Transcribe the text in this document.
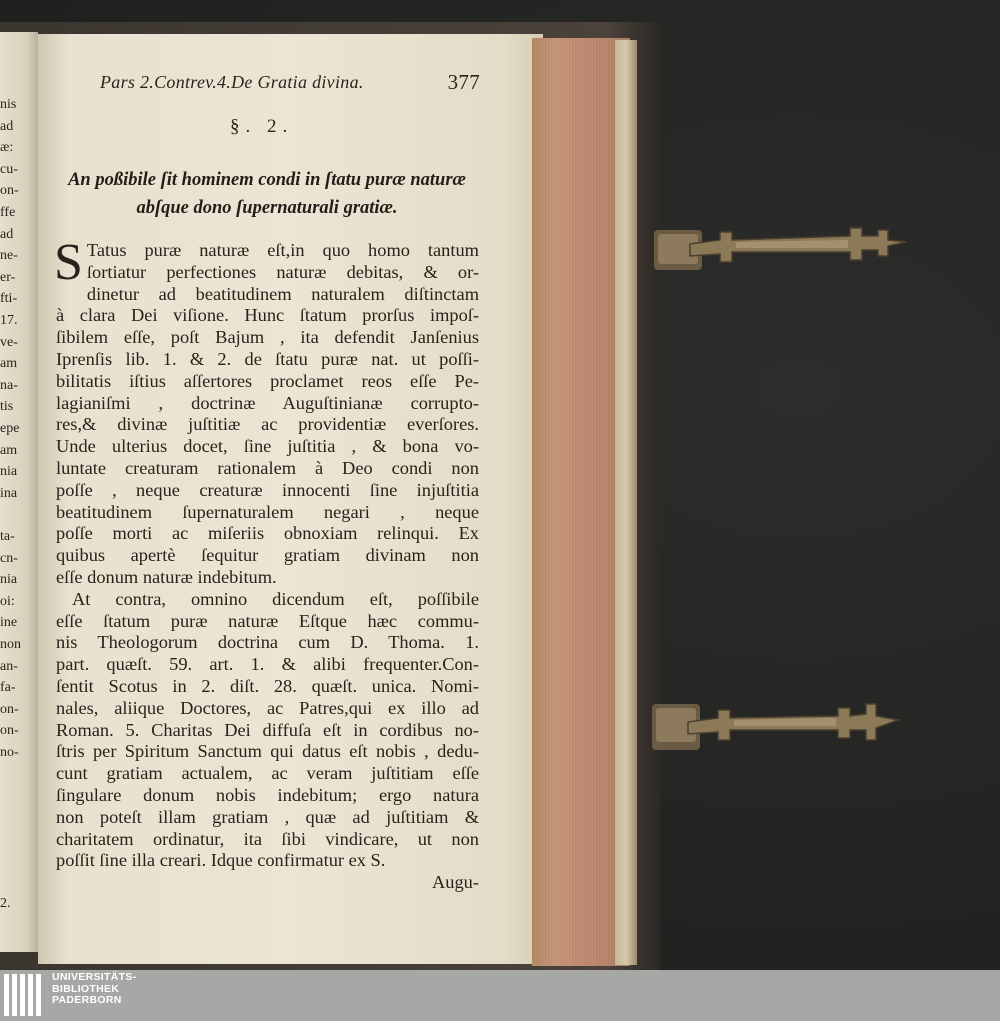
nis
ad
æ:
cu-
on-
ffe
ad
ne-
er-
fti-
17.
ve-
am
na-
tis
epe
am
nia
ina
ta-
cn-
nia
oi:
ine
non
an-
fa-
on-
on-
no-
2.
Pars 2.Contrev.4.De Gratia divina.	377
§. 2.
An poßibile ſit hominem condi in ſtatu puræ naturæ
abſque dono ſupernaturali gratiæ.
S Tatus puræ naturæ eſt,in quo homo tantum
ſortiatur perfectiones naturæ debitas, & or-
dinetur ad beatitudinem naturalem diſtinctam
à clara Dei viſione. Hunc ſtatum prorſus impoſ-
ſibilem eſſe, poſt Bajum , ita defendit Janſenius
Iprenſis lib. 1. & 2. de ſtatu puræ nat. ut poſſi-
bilitatis iſtius aſſertores proclamet reos eſſe Pe-
lagianiſmi , doctrinæ Auguſtinianæ corrupto-
res,& divinæ juſtitiæ ac providentiæ everſores.
Unde ulterius docet, ſine juſtitia , & bona vo-
luntate creaturam rationalem à Deo condi non
poſſe , neque creaturæ innocenti ſine injuſtitia
beatitudinem ſupernaturalem negari , neque
poſſe morti ac miſeriis obnoxiam relinqui. Ex
quibus apertè ſequitur gratiam divinam non
eſſe donum naturæ indebitum.
At contra, omnino dicendum eſt, poſſibile
eſſe ſtatum puræ naturæ Eſtque hæc commu-
nis Theologorum doctrina cum D. Thoma. 1.
part. quæſt. 59. art. 1. & alibi frequenter.Con-
ſentit Scotus in 2. diſt. 28. quæſt. unica. Nomi-
nales, aliique Doctores, ac Patres,qui ex illo ad
Roman. 5. Charitas Dei diffuſa eſt in cordibus no-
ſtris per Spiritum Sanctum qui datus eſt nobis , dedu-
cunt gratiam actualem, ac veram juſtitiam eſſe
ſingulare donum nobis indebitum; ergo natura
non poteſt illam gratiam , quæ ad juſtitiam &
charitatem ordinatur, ita ſibi vindicare, ut non
poſſit ſine illa creari. Idque confirmatur ex S.
Augu-
UNIVERSITÄTS-
BIBLIOTHEK
PADERBORN
